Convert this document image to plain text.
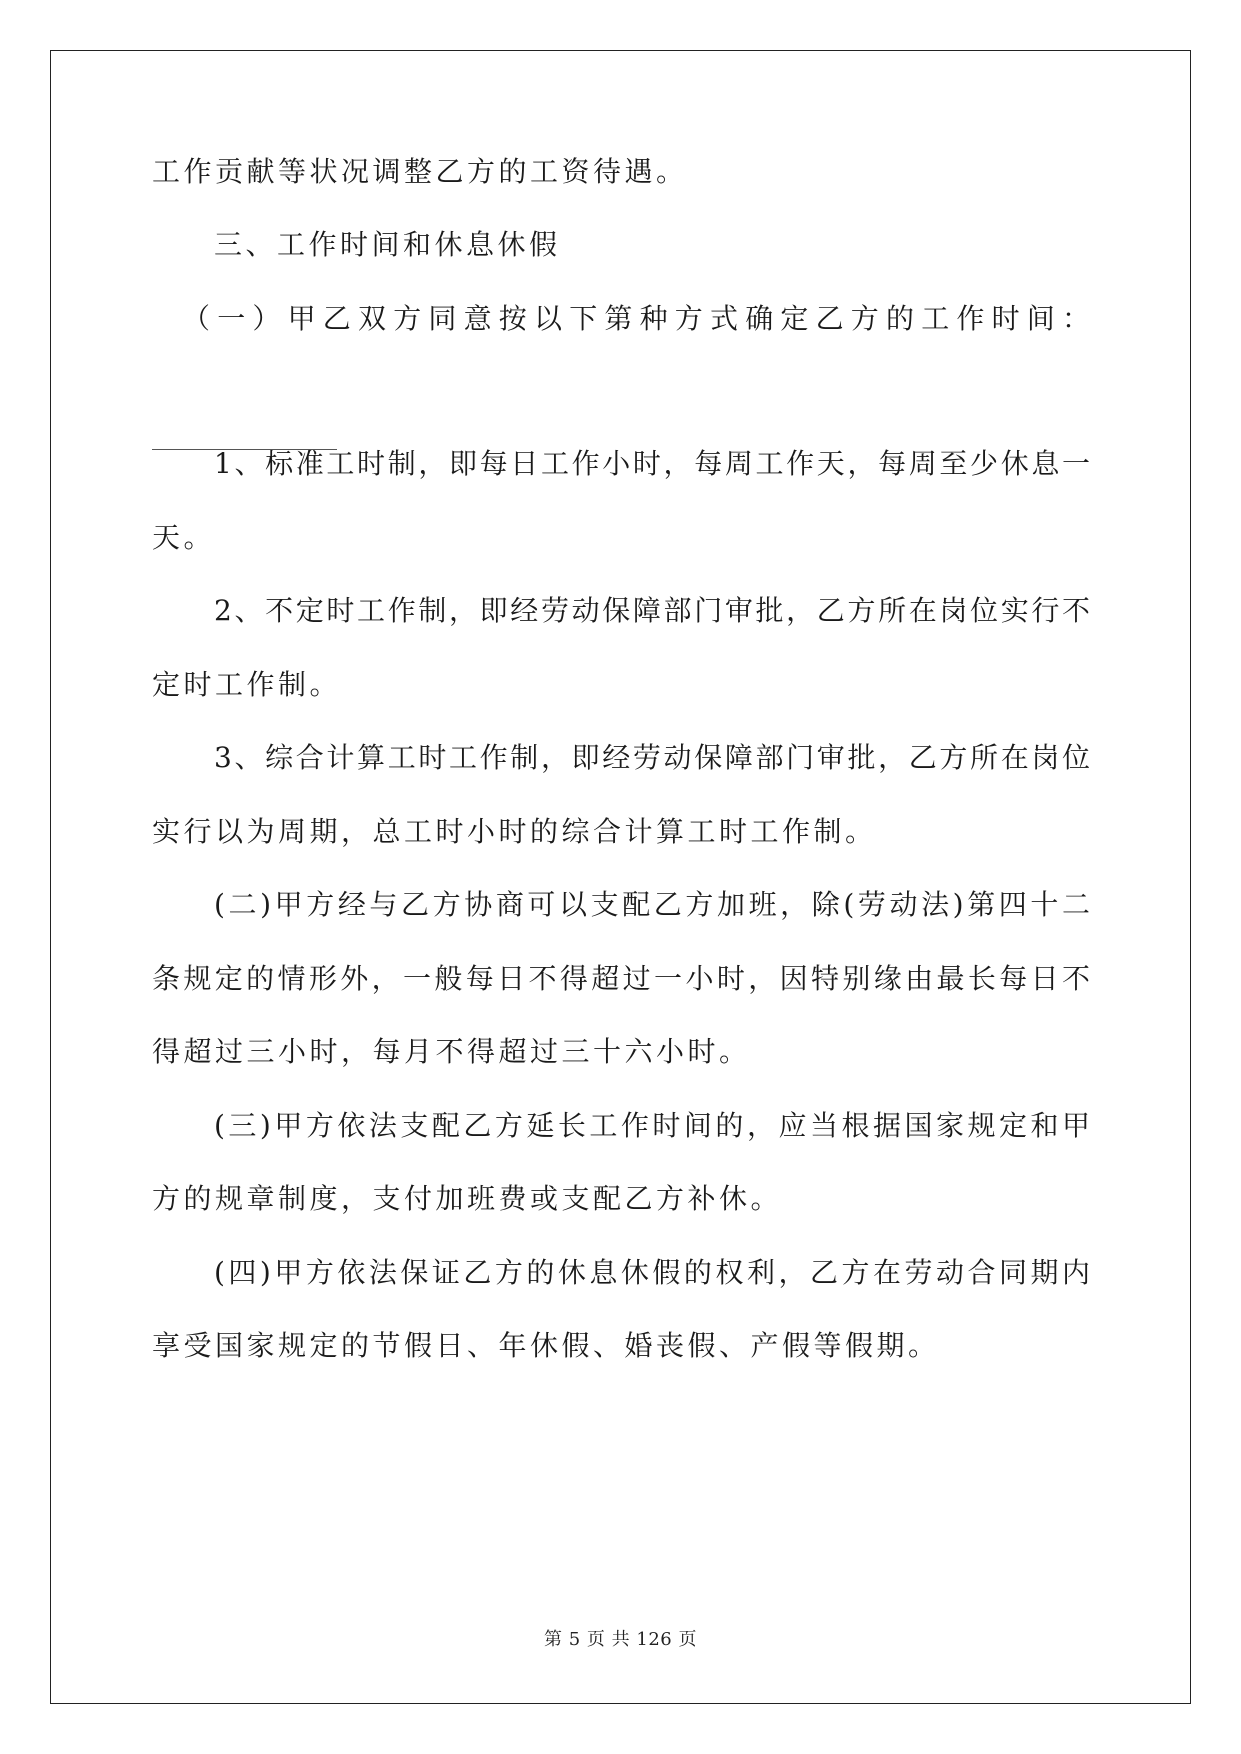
工作贡献等状况调整乙方的工资待遇。
三、工作时间和休息休假
（一）甲乙双方同意按以下第种方式确定乙方的工作时间：
1、标准工时制，即每日工作小时，每周工作天，每周至少休息一
天。
2、不定时工作制，即经劳动保障部门审批，乙方所在岗位实行不
定时工作制。
3、综合计算工时工作制，即经劳动保障部门审批，乙方所在岗位
实行以为周期，总工时小时的综合计算工时工作制。
(二)甲方经与乙方协商可以支配乙方加班，除(劳动法)第四十二
条规定的情形外，一般每日不得超过一小时，因特别缘由最长每日不
得超过三小时，每月不得超过三十六小时。
(三)甲方依法支配乙方延长工作时间的，应当根据国家规定和甲
方的规章制度，支付加班费或支配乙方补休。
(四)甲方依法保证乙方的休息休假的权利，乙方在劳动合同期内
享受国家规定的节假日、年休假、婚丧假、产假等假期。
第 5 页 共 126 页
